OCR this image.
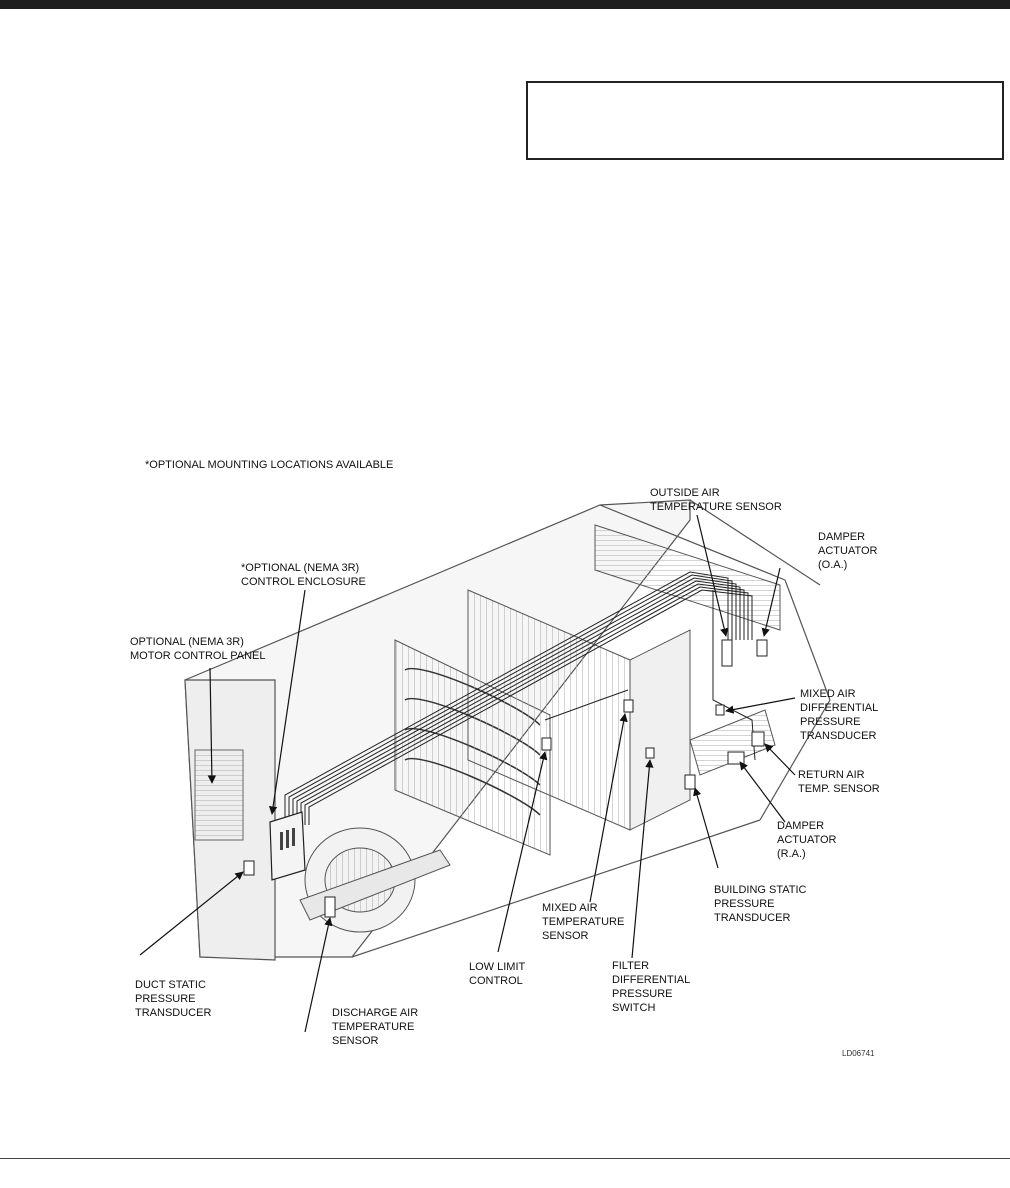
*OPTIONAL MOUNTING LOCATIONS AVAILABLE
OUTSIDE AIR TEMPERATURE SENSOR
DAMPER ACTUATOR (O.A.)
*OPTIONAL (NEMA 3R) CONTROL ENCLOSURE
OPTIONAL (NEMA 3R) MOTOR CONTROL PANEL
MIXED AIR DIFFERENTIAL PRESSURE TRANSDUCER
RETURN AIR TEMP. SENSOR
DAMPER ACTUATOR (R.A.)
BUILDING STATIC PRESSURE TRANSDUCER
MIXED AIR TEMPERATURE SENSOR
FILTER DIFFERENTIAL PRESSURE SWITCH
LOW LIMIT CONTROL
DUCT STATIC PRESSURE TRANSDUCER	DISCHARGE AIR TEMPERATURE SENSOR
LD06741
